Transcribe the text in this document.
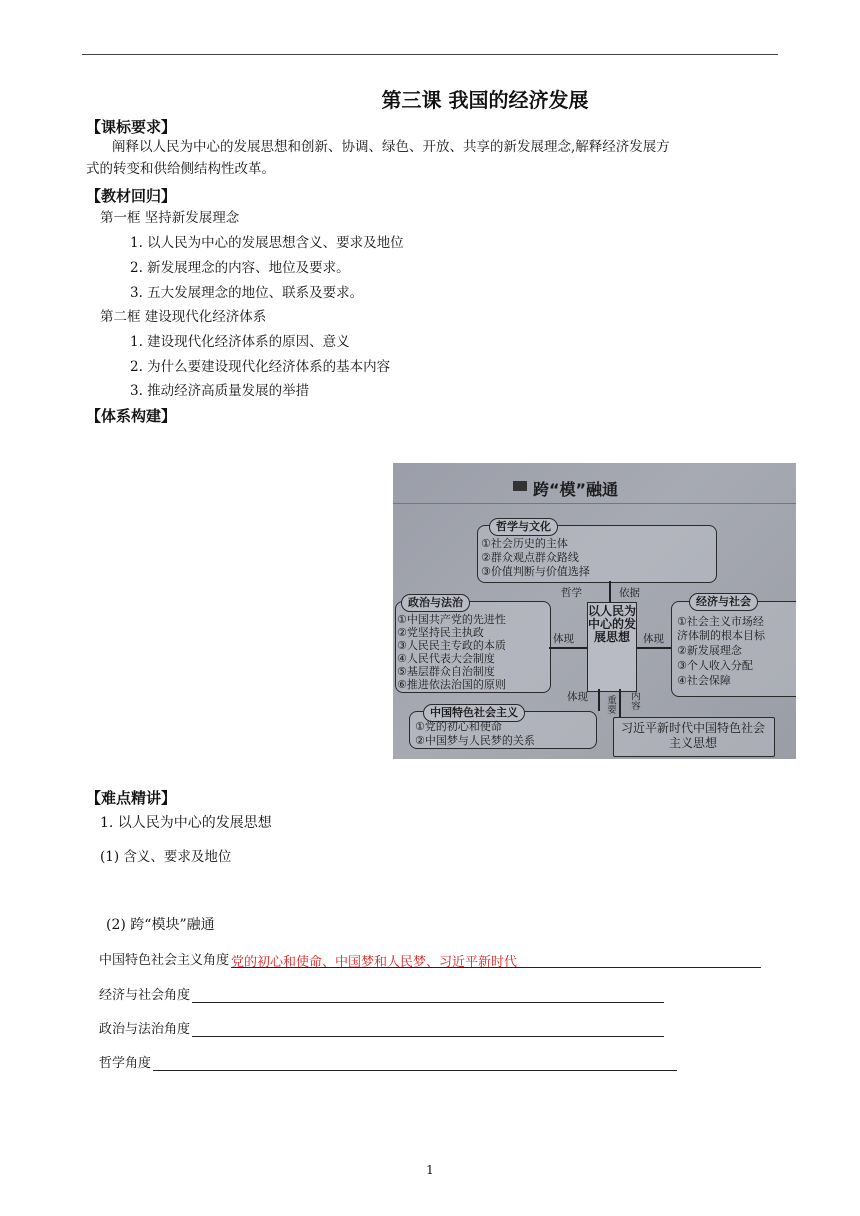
第三课 我国的经济发展
【课标要求】
阐释以人民为中心的发展思想和创新、协调、绿色、开放、共享的新发展理念,解释经济发展方
式的转变和供给侧结构性改革。
【教材回归】
第一框 坚持新发展理念
1. 以人民为中心的发展思想含义、要求及地位
2. 新发展理念的内容、地位及要求。
3. 五大发展理念的地位、联系及要求。
第二框 建设现代化经济体系
1. 建设现代化经济体系的原因、意义
2. 为什么要建设现代化经济体系的基本内容
3. 推动经济高质量发展的举措
【体系构建】
跨“模”融通
哲学与文化
①社会历史的主体
②群众观点群众路线
③价值判断与价值选择
政治与法治
①中国共产党的先进性
②党坚持民主执政
③人民民主专政的本质
④人民代表大会制度
⑤基层群众自治制度
⑥推进依法治国的原则
经济与社会
①社会主义市场经
济体制的根本目标
②新发展理念
③个人收入分配
④社会保障
中国特色社会主义
①党的初心和使命
②中国梦与人民梦的关系
习近平新时代中国特色社会主义思想
以人民为中心的发展思想
哲学	依据
体现	体现
体现 重要 内容
【难点精讲】
1. 以人民为中心的发展思想
(1) 含义、要求及地位
(2) 跨“模块”融通
中国特色社会主义角度 党的初心和使命、中国梦和人民梦、习近平新时代
经济与社会角度
政治与法治角度
哲学角度
1
